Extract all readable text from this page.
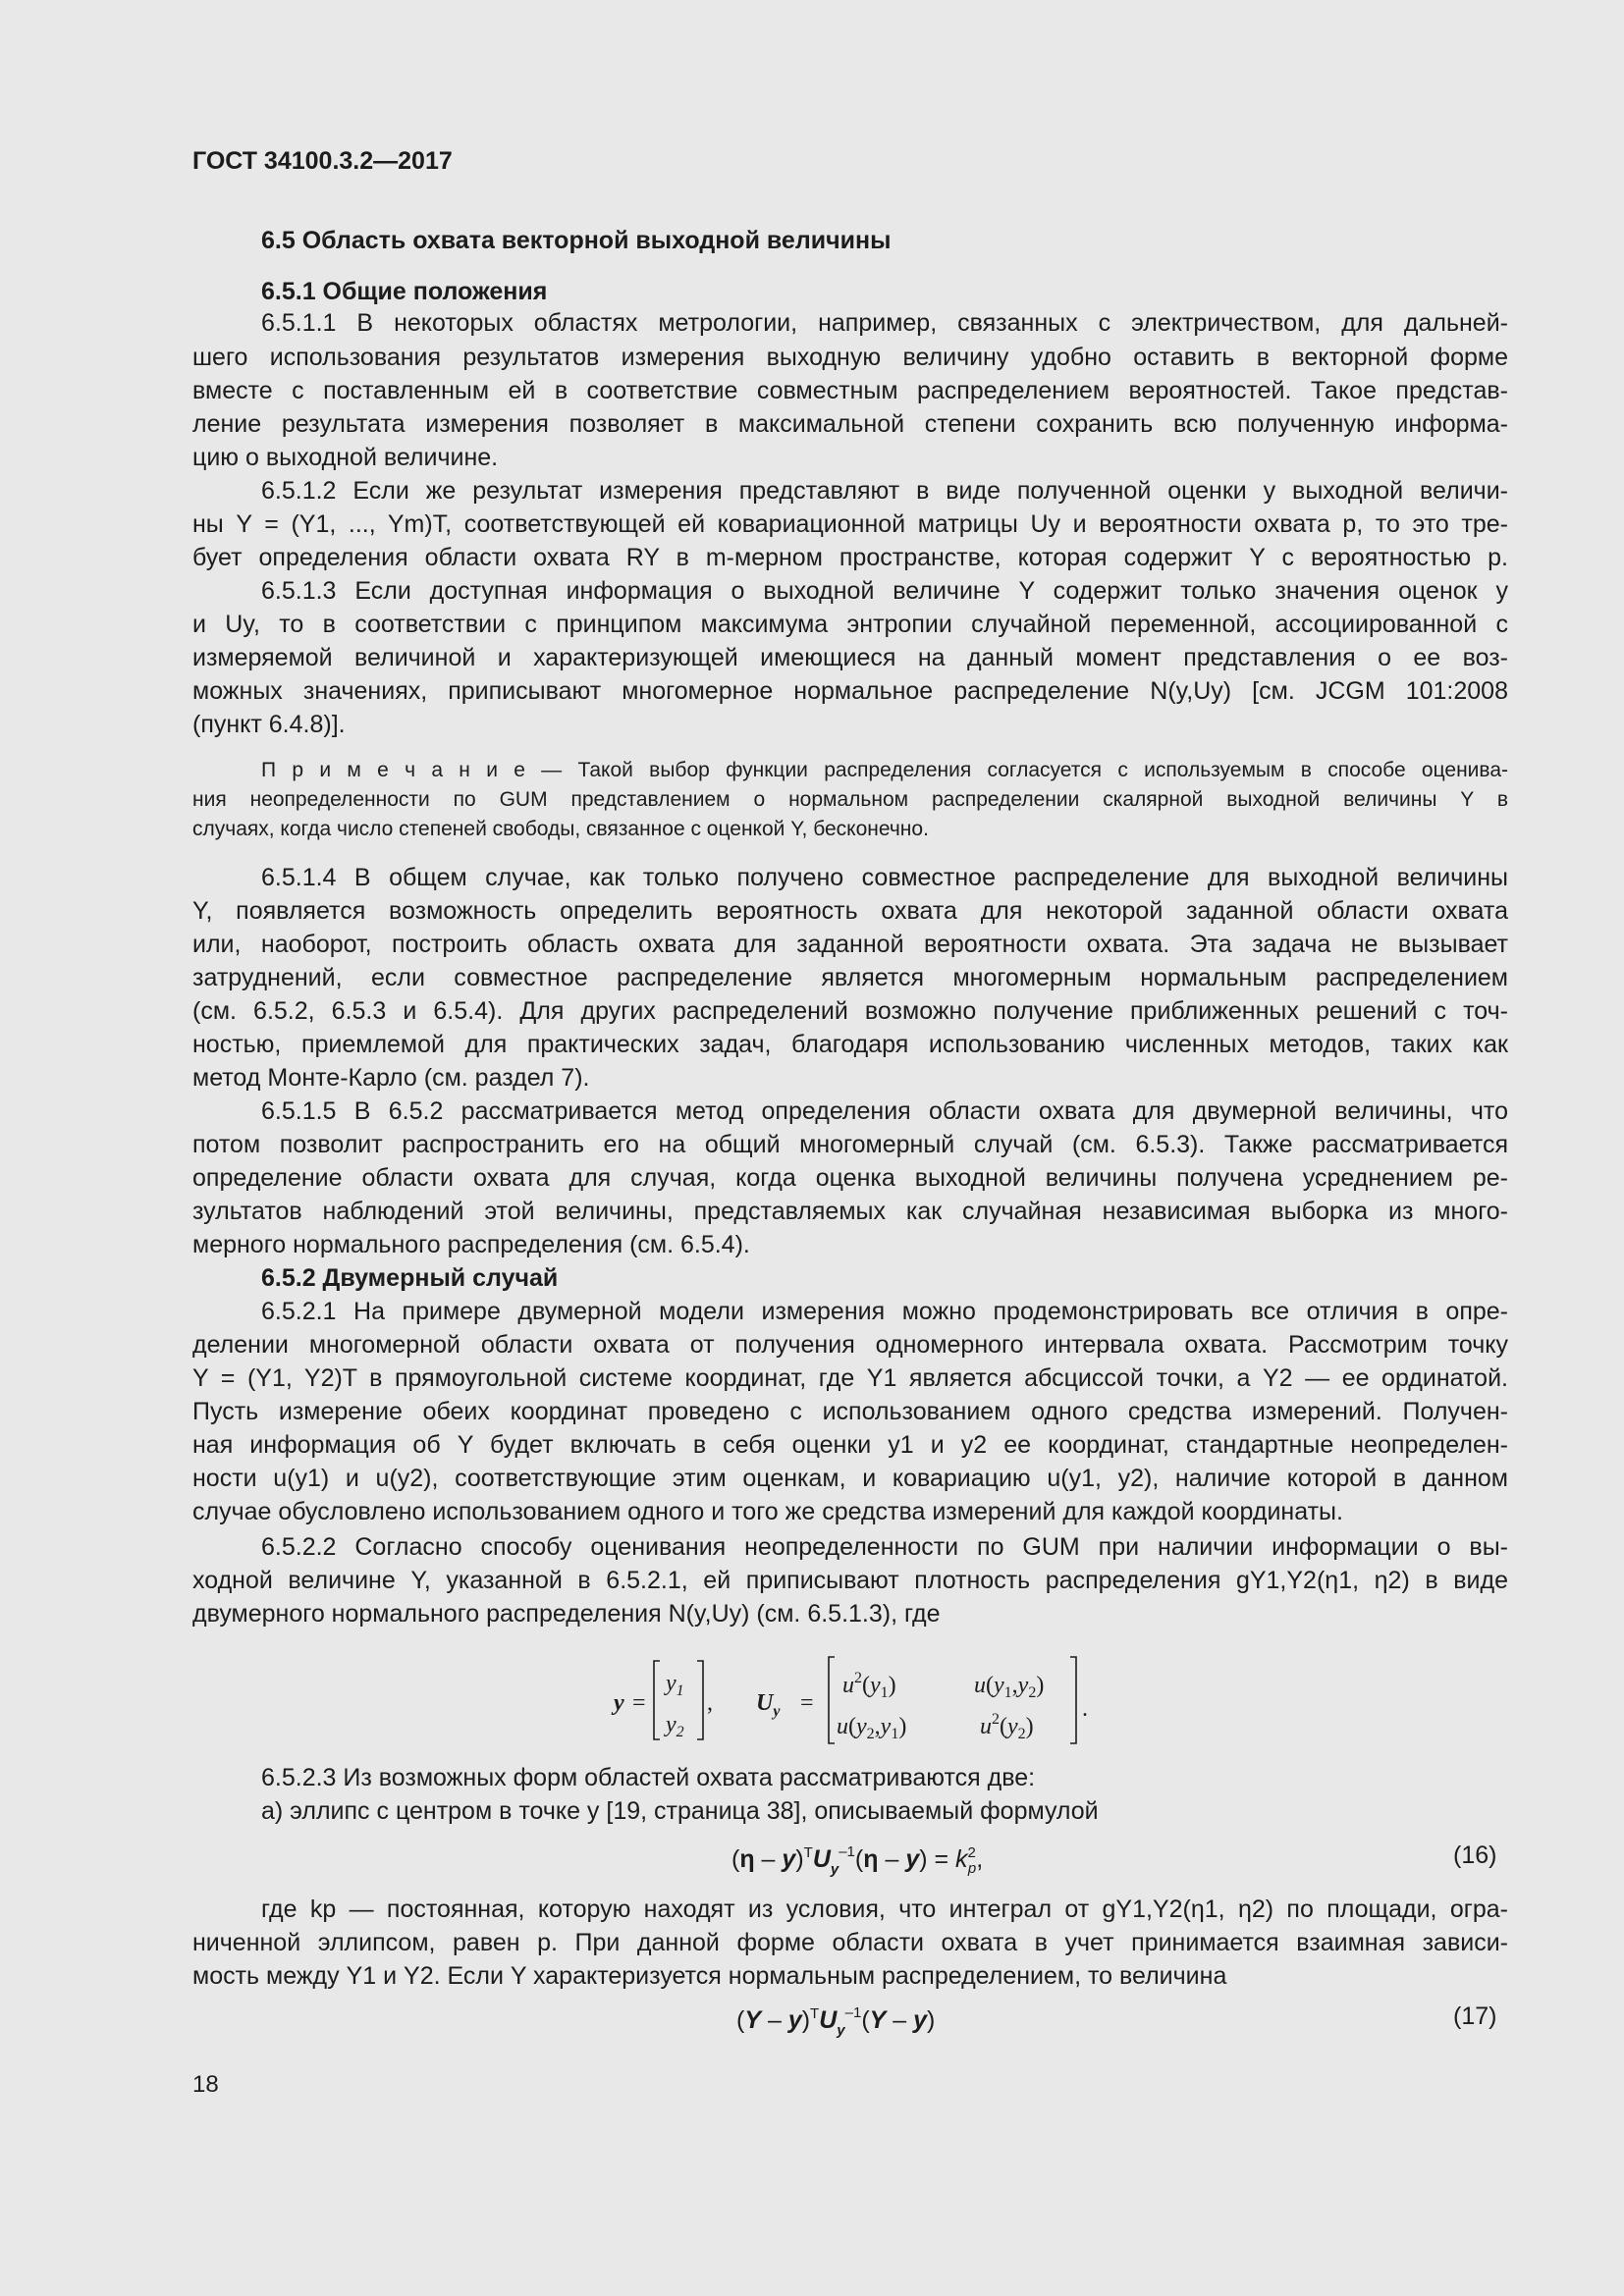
ГОСТ 34100.3.2—2017
6.5 Область охвата векторной выходной величины
6.5.1 Общие положения
6.5.1.1 В некоторых областях метрологии, например, связанных с электричеством, для дальней-
шего использования результатов измерения выходную величину удобно оставить в векторной форме
вместе с поставленным ей в соответствие совместным распределением вероятностей. Такое представ-
ление результата измерения позволяет в максимальной степени сохранить всю полученную информа-
цию о выходной величине.
6.5.1.2 Если же результат измерения представляют в виде полученной оценки y выходной величи-
ны Y = (Y1, ..., Ym)T, соответствующей ей ковариационной матрицы Uy и вероятности охвата p, то это тре-
бует определения области охвата RY в m-мерном пространстве, которая содержит Y с вероятностью p.
6.5.1.3 Если доступная информация о выходной величине Y содержит только значения оценок y
и Uy, то в соответствии с принципом максимума энтропии случайной переменной, ассоциированной с
измеряемой величиной и характеризующей имеющиеся на данный момент представления о ее воз-
можных значениях, приписывают многомерное нормальное распределение N(y,Uy) [см. JCGM 101:2008
(пункт 6.4.8)].
П р и м е ч а н и е — Такой выбор функции распределения согласуется с используемым в способе оценива-
ния неопределенности по GUM представлением о нормальном распределении скалярной выходной величины Y в
случаях, когда число степеней свободы, связанное с оценкой Y, бесконечно.
6.5.1.4 В общем случае, как только получено совместное распределение для выходной величины
Y, появляется возможность определить вероятность охвата для некоторой заданной области охвата
или, наоборот, построить область охвата для заданной вероятности охвата. Эта задача не вызывает
затруднений, если совместное распределение является многомерным нормальным распределением
(см. 6.5.2, 6.5.3 и 6.5.4). Для других распределений возможно получение приближенных решений с точ-
ностью, приемлемой для практических задач, благодаря использованию численных методов, таких как
метод Монте-Карло (см. раздел 7).
6.5.1.5 В 6.5.2 рассматривается метод определения области охвата для двумерной величины, что
потом позволит распространить его на общий многомерный случай (см. 6.5.3). Также рассматривается
определение области охвата для случая, когда оценка выходной величины получена усреднением ре-
зультатов наблюдений этой величины, представляемых как случайная независимая выборка из много-
мерного нормального распределения (см. 6.5.4).
6.5.2 Двумерный случай
6.5.2.1 На примере двумерной модели измерения можно продемонстрировать все отличия в опре-
делении многомерной области охвата от получения одномерного интервала охвата. Рассмотрим точку
Y = (Y1, Y2)T в прямоугольной системе координат, где Y1 является абсциссой точки, а Y2 — ее ординатой.
Пусть измерение обеих координат проведено с использованием одного средства измерений. Получен-
ная информация об Y будет включать в себя оценки y1 и y2 ее координат, стандартные неопределен-
ности u(y1) и u(y2), соответствующие этим оценкам, и ковариацию u(y1, y2), наличие которой в данном
случае обусловлено использованием одного и того же средства измерений для каждой координаты.
6.5.2.2 Согласно способу оценивания неопределенности по GUM при наличии информации о вы-
ходной величине Y, указанной в 6.5.2.1, ей приписывают плотность распределения gY1,Y2(η1, η2) в виде
двумерного нормального распределения N(y,Uy) (см. 6.5.1.3), где
y =
$y_1$
$y_2$
, $U_y$ =
$u^2(y_1)$	$u(y_1,y_2)$
$u(y_2,y_1)$	$u^2(y_2)$
.
6.5.2.3 Из возможных форм областей охвата рассматриваются две:
а) эллипс с центром в точке y [19, страница 38], описываемый формулой
$(\eta - y)^TU_y^{-1}(\eta - y) = k^2$ p,	(16)
где kp — постоянная, которую находят из условия, что интеграл от gY1,Y2(η1, η2) по площади, огра-
ниченной эллипсом, равен p. При данной форме области охвата в учет принимается взаимная зависи-
мость между Y1 и Y2. Если Y характеризуется нормальным распределением, то величина
$(Y - y)^TU_y^{-1}(Y - y)$	(17)
18
